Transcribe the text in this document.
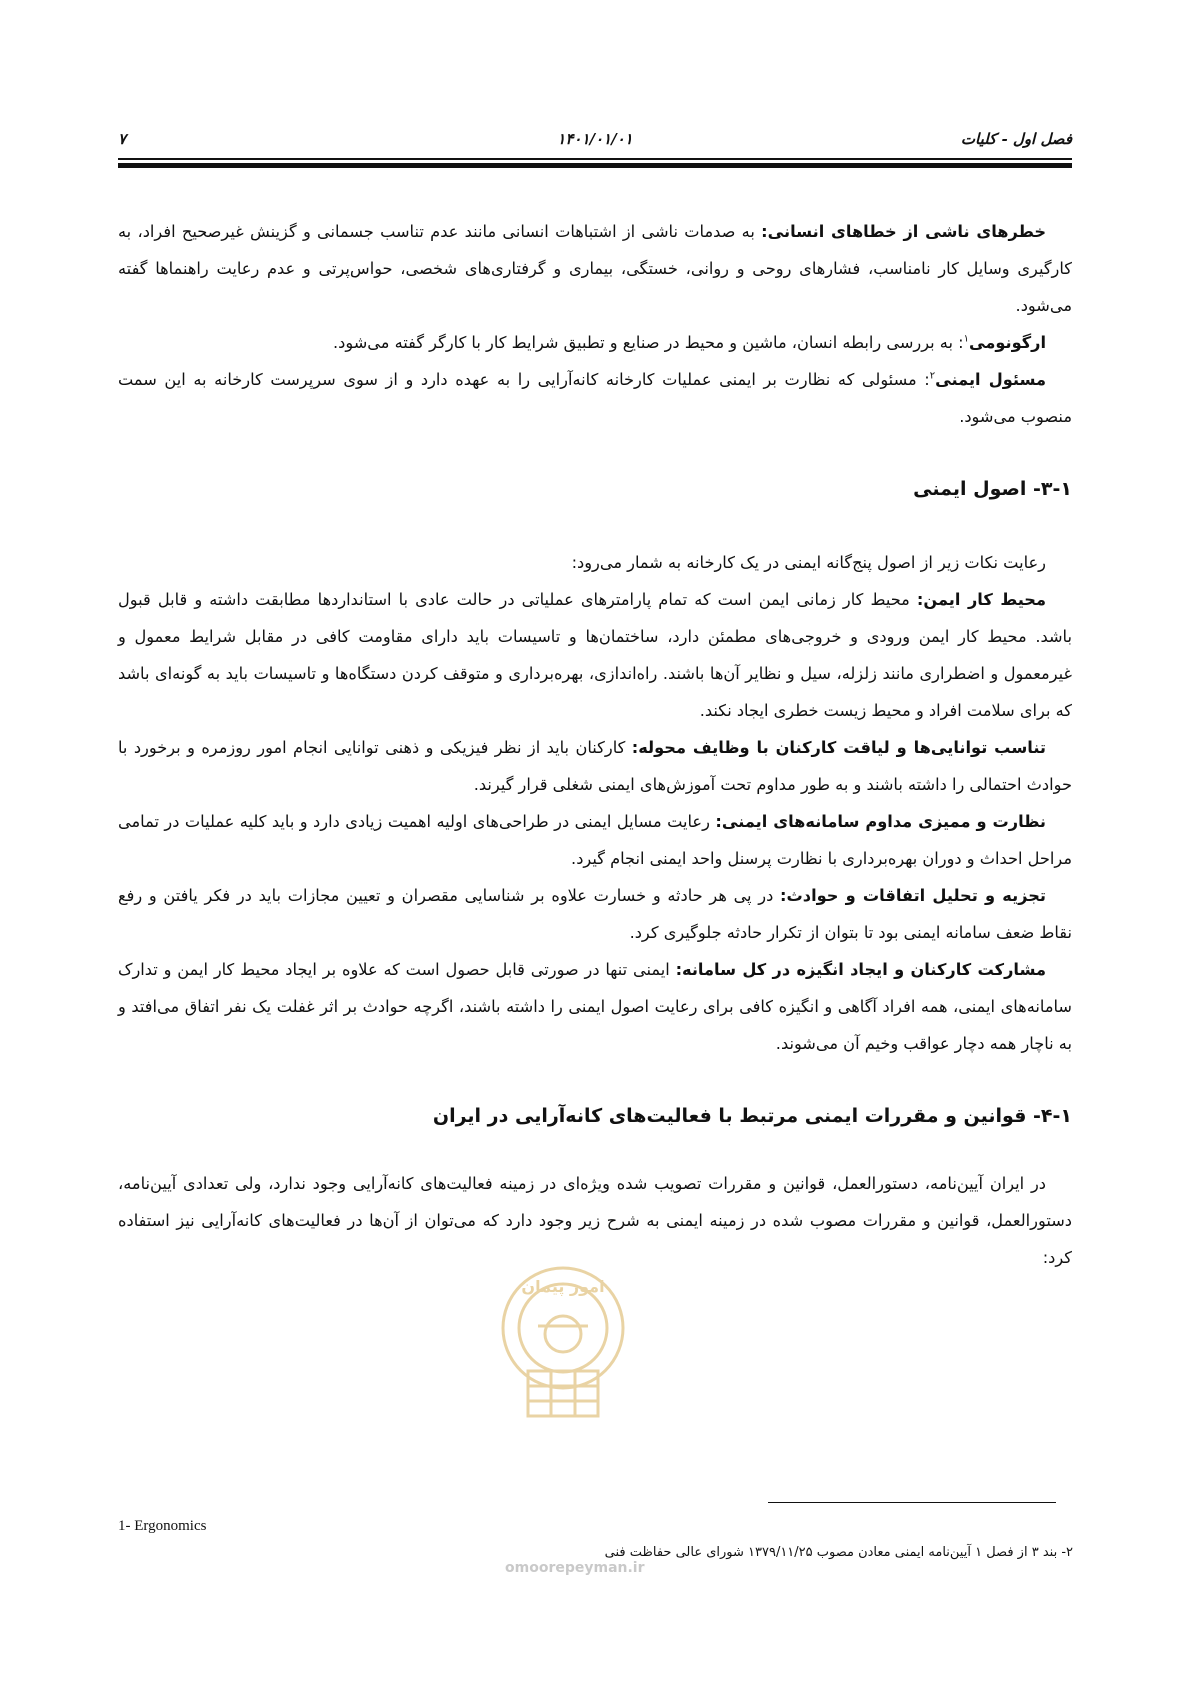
فصل اول - کلیات
۱۴۰۱/۰۱/۰۱
۷

خطرهای ناشی از خطاهای انسانی: به صدمات ناشی از اشتباهات انسانی مانند عدم تناسب جسمانی و گزینش غیرصحیح افراد، به کارگیری وسایل کار نامناسب، فشارهای روحی و روانی، خستگی، بیماری و گرفتاری‌های شخصی، حواس‌پرتی و عدم رعایت راهنماها گفته می‌شود.

ارگونومی$^۱$: به بررسی رابطه انسان، ماشین و محیط در صنایع و تطبیق شرایط کار با کارگر گفته می‌شود.

مسئول ایمنی$^۲$: مسئولی که نظارت بر ایمنی عملیات کارخانه کانه‌آرایی را به عهده دارد و از سوی سرپرست کارخانه به این سمت منصوب می‌شود.

۳-۱- اصول ایمنی

رعایت نکات زیر از اصول پنج‌گانه ایمنی در یک کارخانه به شمار می‌رود:

محیط کار ایمن: محیط کار زمانی ایمن است که تمام پارامترهای عملیاتی در حالت عادی با استانداردها مطابقت داشته و قابل قبول باشد. محیط کار ایمن ورودی و خروجی‌های مطمئن دارد، ساختمان‌ها و تاسیسات باید دارای مقاومت کافی در مقابل شرایط معمول و غیرمعمول و اضطراری مانند زلزله، سیل و نظایر آن‌ها باشند. راه‌اندازی، بهره‌برداری و متوقف کردن دستگاه‌ها و تاسیسات باید به گونه‌ای باشد که برای سلامت افراد و محیط زیست خطری ایجاد نکند.

تناسب توانایی‌ها و لیاقت کارکنان با وظایف محوله: کارکنان باید از نظر فیزیکی و ذهنی توانایی انجام امور روزمره و برخورد با حوادث احتمالی را داشته باشند و به طور مداوم تحت آموزش‌های ایمنی شغلی قرار گیرند.

نظارت و ممیزی مداوم سامانه‌های ایمنی: رعایت مسایل ایمنی در طراحی‌های اولیه اهمیت زیادی دارد و باید کلیه عملیات در تمامی مراحل احداث و دوران بهره‌برداری با نظارت پرسنل واحد ایمنی انجام گیرد.

تجزیه و تحلیل اتفاقات و حوادث: در پی هر حادثه و خسارت علاوه بر شناسایی مقصران و تعیین مجازات باید در فکر یافتن و رفع نقاط ضعف سامانه ایمنی بود تا بتوان از تکرار حادثه جلوگیری کرد.

مشارکت کارکنان و ایجاد انگیزه در کل سامانه: ایمنی تنها در صورتی قابل حصول است که علاوه بر ایجاد محیط کار ایمن و تدارک سامانه‌های ایمنی، همه افراد آگاهی و انگیزه کافی برای رعایت اصول ایمنی را داشته باشند، اگرچه حوادث بر اثر غفلت یک نفر اتفاق می‌افتد و به ناچار همه دچار عواقب وخیم آن می‌شوند.

۴-۱- قوانین و مقررات ایمنی مرتبط با فعالیت‌های کانه‌آرایی در ایران

در ایران آیین‌نامه، دستورالعمل، قوانین و مقررات تصویب شده ویژه‌ای در زمینه فعالیت‌های کانه‌آرایی وجود ندارد، ولی تعدادی آیین‌نامه، دستورالعمل، قوانین و مقررات مصوب شده در زمینه ایمنی به شرح زیر وجود دارد که می‌توان از آن‌ها در فعالیت‌های کانه‌آرایی نیز استفاده کرد:

امور پیمان
1- Ergonomics
۲- بند ۳ از فصل ۱ آیین‌نامه ایمنی معادن مصوب ۱۳۷۹/۱۱/۲۵ شورای عالی حفاظت فنی
omoorepeyman.ir
